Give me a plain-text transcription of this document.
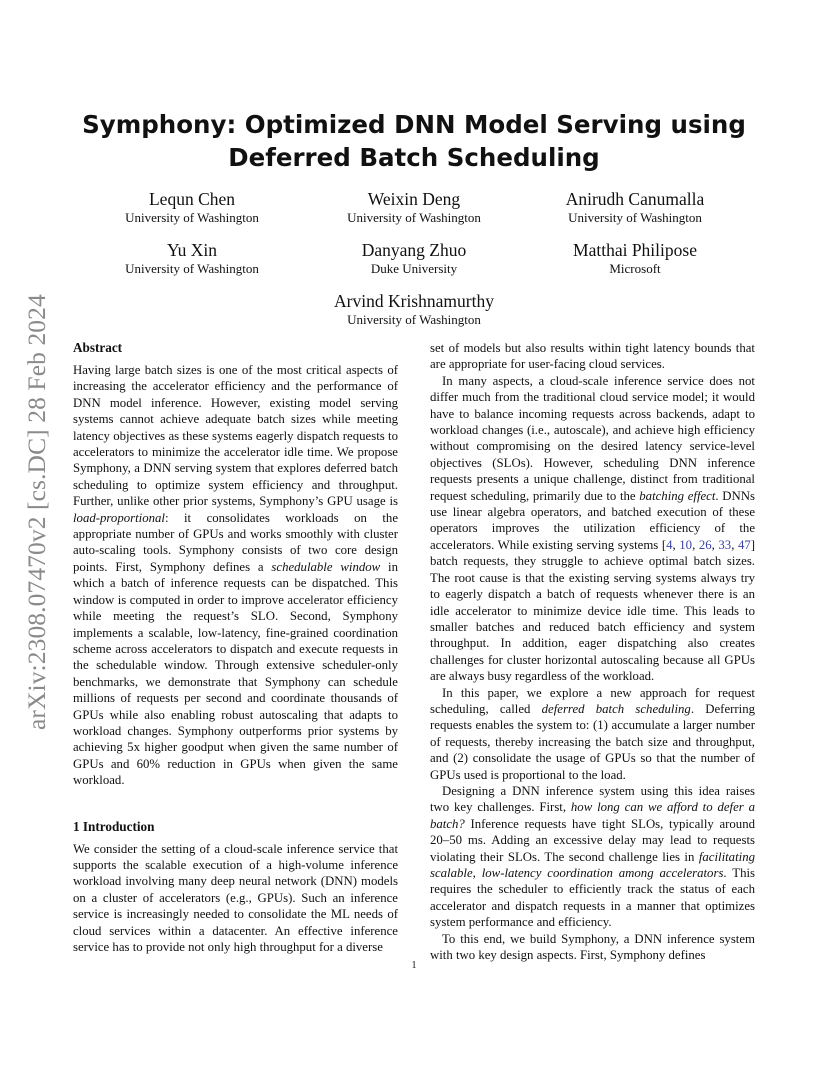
arXiv:2308.07470v2 [cs.DC] 28 Feb 2024
Symphony: Optimized DNN Model Serving using
Deferred Batch Scheduling
Lequn Chen
University of Washington
Weixin Deng
University of Washington
Anirudh Canumalla
University of Washington
Yu Xin
University of Washington
Danyang Zhuo
Duke University
Matthai Philipose
Microsoft
Arvind Krishnamurthy
University of Washington
Abstract

Having large batch sizes is one of the most critical aspects of increasing the accelerator efficiency and the performance of DNN model inference. However, existing model serving systems cannot achieve adequate batch sizes while meeting latency objectives as these systems eagerly dispatch requests to accelerators to minimize the accelerator idle time. We propose Symphony, a DNN serving system that explores deferred batch scheduling to optimize system efficiency and throughput. Further, unlike other prior systems, Symphony’s GPU usage is load-proportional: it consolidates workloads on the appropriate number of GPUs and works smoothly with cluster auto-scaling tools. Symphony consists of two core design points. First, Symphony defines a schedulable window in which a batch of inference requests can be dispatched. This window is computed in order to improve accelerator efficiency while meeting the request’s SLO. Second, Symphony implements a scalable, low-latency, fine-grained coordination scheme across accelerators to dispatch and execute requests in the schedulable window. Through extensive scheduler-only benchmarks, we demonstrate that Symphony can schedule millions of requests per second and coordinate thousands of GPUs while also enabling robust autoscaling that adapts to workload changes. Symphony outperforms prior systems by achieving 5x higher goodput when given the same number of GPUs and 60% reduction in GPUs when given the same workload.

1 Introduction

We consider the setting of a cloud-scale inference service that supports the scalable execution of a high-volume inference workload involving many deep neural network (DNN) models on a cluster of accelerators (e.g., GPUs). Such an inference service is increasingly needed to consolidate the ML needs of cloud services within a datacenter. An effective inference service has to provide not only high throughput for a diverse

set of models but also results within tight latency bounds that are appropriate for user-facing cloud services.

In many aspects, a cloud-scale inference service does not differ much from the traditional cloud service model; it would have to balance incoming requests across backends, adapt to workload changes (i.e., autoscale), and achieve high efficiency without compromising on the desired latency service-level objectives (SLOs). However, scheduling DNN inference requests presents a unique challenge, distinct from traditional request scheduling, primarily due to the batching effect. DNNs use linear algebra operators, and batched execution of these operators improves the utilization efficiency of the accelerators. While existing serving systems [4, 10, 26, 33, 47] batch requests, they struggle to achieve optimal batch sizes. The root cause is that the existing serving systems always try to eagerly dispatch a batch of requests whenever there is an idle accelerator to minimize device idle time. This leads to smaller batches and reduced batch efficiency and system throughput. In addition, eager dispatching also creates challenges for cluster horizontal autoscaling because all GPUs are always busy regardless of the workload.

In this paper, we explore a new approach for request scheduling, called deferred batch scheduling. Deferring requests enables the system to: (1) accumulate a larger number of requests, thereby increasing the batch size and throughput, and (2) consolidate the usage of GPUs so that the number of GPUs used is proportional to the load.

Designing a DNN inference system using this idea raises two key challenges. First, how long can we afford to defer a batch? Inference requests have tight SLOs, typically around 20–50 ms. Adding an excessive delay may lead to requests violating their SLOs. The second challenge lies in facilitating scalable, low-latency coordination among accelerators. This requires the scheduler to efficiently track the status of each accelerator and dispatch requests in a manner that optimizes system performance and efficiency.

To this end, we build Symphony, a DNN inference system with two key design aspects. First, Symphony defines

1
